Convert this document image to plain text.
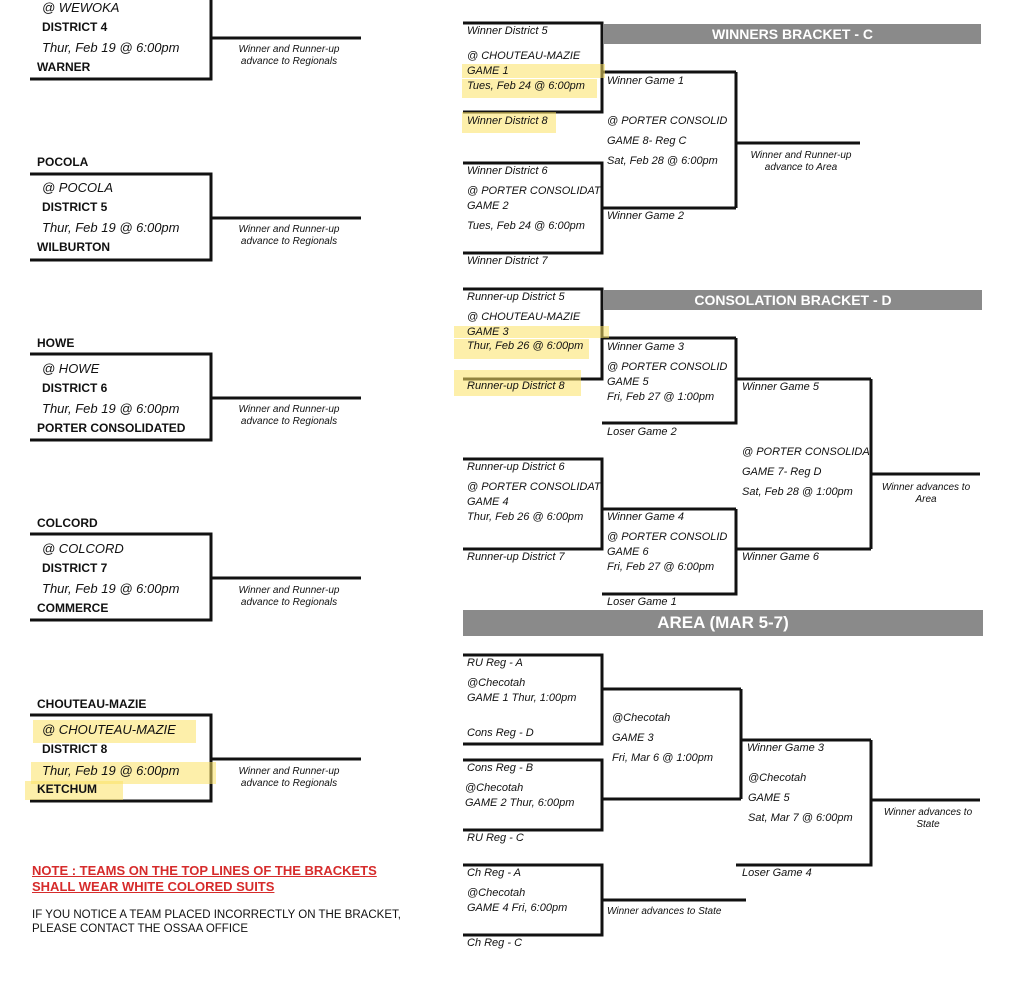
WINNERS BRACKET - C
CONSOLATION BRACKET - D
AREA (MAR 5-7)
@ WEWOKA
DISTRICT 4
Thur, Feb 19 @ 6:00pm
WARNER
Winner and Runner-up advance to Regionals
POCOLA
@ POCOLA
DISTRICT 5
Thur, Feb 19 @ 6:00pm
WILBURTON
Winner and Runner-up advance to Regionals
HOWE
@ HOWE
DISTRICT 6
Thur, Feb 19 @ 6:00pm
PORTER CONSOLIDATED
Winner and Runner-up advance to Regionals
COLCORD
@ COLCORD
DISTRICT 7
Thur, Feb 19 @ 6:00pm
COMMERCE
Winner and Runner-up advance to Regionals
CHOUTEAU-MAZIE
@ CHOUTEAU-MAZIE
DISTRICT 8
Thur, Feb 19 @ 6:00pm
KETCHUM
Winner and Runner-up advance to Regionals
Winner District 5
@ CHOUTEAU-MAZIE
GAME 1
Tues, Feb 24 @ 6:00pm
Winner District 8
Winner District 6
@ PORTER CONSOLIDAT
GAME 2
Tues, Feb 24 @ 6:00pm
Winner District 7
Winner Game 1
@ PORTER CONSOLID
GAME 8- Reg C
Sat, Feb 28 @ 6:00pm
Winner Game 2
Winner and Runner-up advance to Area
Runner-up District 5
@ CHOUTEAU-MAZIE
GAME 3
Thur, Feb 26 @ 6:00pm
Runner-up District 8
Runner-up District 6
@ PORTER CONSOLIDAT
GAME 4
Thur, Feb 26 @ 6:00pm
Runner-up District 7
Winner Game 3
@ PORTER CONSOLID
GAME 5
Fri, Feb 27 @ 1:00pm
Loser Game 2
Winner Game 4
@ PORTER CONSOLID
GAME 6
Fri, Feb 27 @ 6:00pm
Loser Game 1
Winner Game 5
@ PORTER CONSOLIDA
GAME 7- Reg D
Sat, Feb 28 @ 1:00pm
Winner Game 6
Winner advances to Area
RU Reg - A
@Checotah
GAME 1 Thur, 1:00pm
Cons Reg - D
Cons Reg - B
@Checotah
GAME 2 Thur, 6:00pm
RU Reg - C
@Checotah
GAME 3
Fri, Mar 6 @ 1:00pm
Ch Reg - A
@Checotah
GAME 4 Fri, 6:00pm
Ch Reg - C
Winner advances to State
Winner Game 3
@Checotah
GAME 5
Sat, Mar 7 @ 6:00pm
Loser Game 4
Winner advances to State
NOTE : TEAMS ON THE TOP LINES OF THE BRACKETS
SHALL WEAR WHITE COLORED SUITS
IF YOU NOTICE A TEAM PLACED INCORRECTLY ON THE BRACKET,
PLEASE CONTACT THE OSSAA OFFICE
